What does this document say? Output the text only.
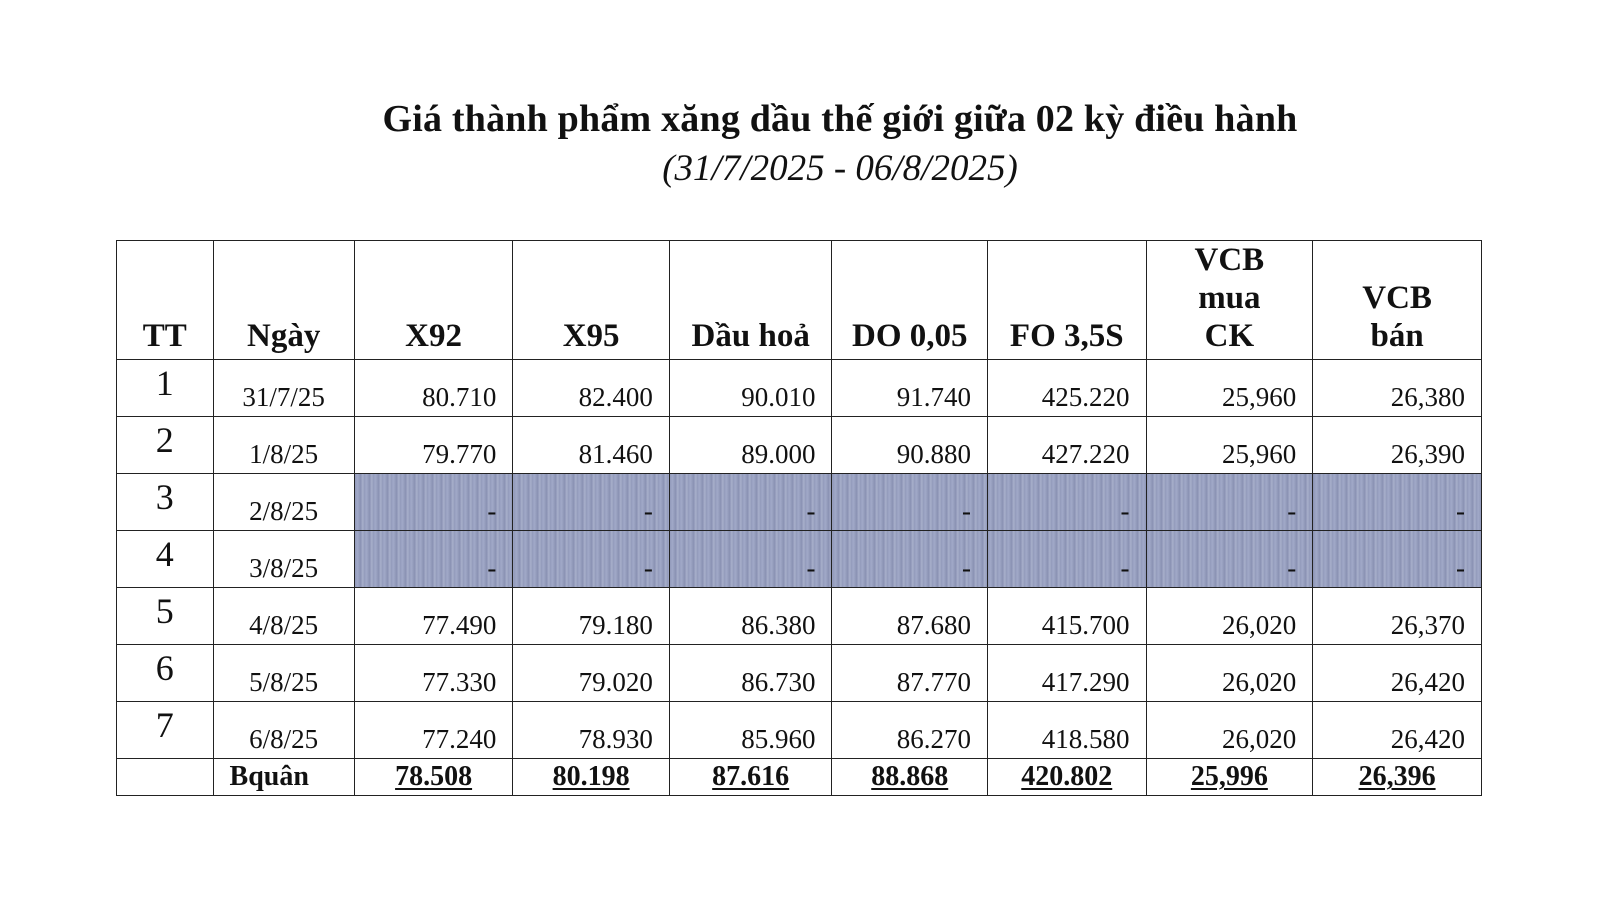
Giá thành phẩm xăng dầu thế giới giữa 02 kỳ điều hành
(31/7/2025 - 06/8/2025)
TT	Ngày	X92	X95	Dầu hoả	DO 0,05	FO 3,5S	VCB mua CK	VCB bán
1	31/7/25	80.710	82.400	90.010	91.740	425.220	25,960	26,380
2	1/8/25	79.770	81.460	89.000	90.880	427.220	25,960	26,390
3	2/8/25	-	-	-	-	-	-	-
4	3/8/25	-	-	-	-	-	-	-
5	4/8/25	77.490	79.180	86.380	87.680	415.700	26,020	26,370
6	5/8/25	77.330	79.020	86.730	87.770	417.290	26,020	26,420
7	6/8/25	77.240	78.930	85.960	86.270	418.580	26,020	26,420
	Bquân	78.508	80.198	87.616	88.868	420.802	25,996	26,396
